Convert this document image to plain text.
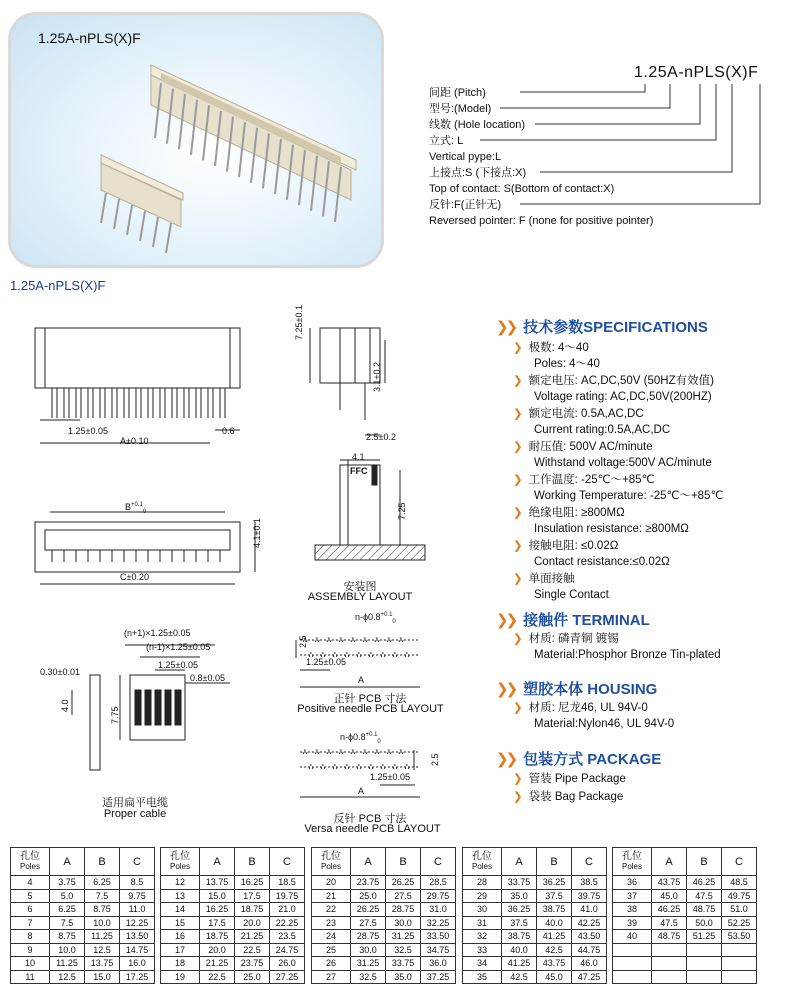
1.25A-nPLS(X)F
1.25A-nPLS(X)F
间距 (Pitch)
型号:(Model)
线数 (Hole location)
立式: L
Vertical pype:L
上接点:S (下接点:X)
Top of contact: S(Bottom of contact:X)
反针:F(正针无)
Reversed pointer: F (none for positive pointer)
1.25A-nPLS(X)F
1.25±0.05
A±0.10
0.6
7.25±0.1
3.1±0.2
2.5±0.2
4.1
FFC
7.25
安装图
ASSEMBLY LAYOUT
$B^{+0.1}_0$
C±0.20
4.1±0.1
(n+1)×1.25±0.05
(n-1)×1.25±0.05
1.25±0.05
0.8±0.05
0.30±0.01
4.0
7.75
适用扁平电缆
Proper cable
$n-\phi 0.8^{+0.1}_0$
2.5
1.25±0.05
A
正针 PCB 寸法
Positive needle PCB LAYOUT
$n-\phi 0.8^{+0.1}_0$
2.5
1.25±0.05
A
反针 PCB 寸法
Versa needle PCB LAYOUT
❯❯ 技术参数SPECIFICATIONS
❯ 极数: 4～40
Poles: 4～40
❯ 额定电压: AC,DC,50V (50HZ有效值)
Voltage rating: AC,DC,50V(200HZ)
❯ 额定电流: 0.5A,AC,DC
Current rating:0.5A,AC,DC
❯ 耐压值: 500V AC/minute
Withstand voltage:500V AC/minute
❯ 工作温度: -25℃～+85℃
Working Temperature: -25℃～+85℃
❯ 绝缘电阻: ≥800MΩ
Insulation resistance: ≥800MΩ
❯ 接触电阻: ≤0.02Ω
Contact resistance:≤0.02Ω
❯ 单面接触
Single Contact
❯❯ 接触件 TERMINAL
❯ 材质: 磷青铜 镀锡
Material:Phosphor Bronze Tin-plated
❯❯ 塑胶本体 HOUSING
❯ 材质: 尼龙46, UL 94V-0
Material:Nylon46, UL 94V-0
❯❯ 包装方式 PACKAGE
❯ 管装 Pipe Package
❯ 袋装 Bag Package
孔位
Poles	A	B	C
4	3.75	6.25	8.5
5	5.0	7.5	9.75
6	6.25	8.75	11.0
7	7.5	10.0	12.25
8	8.75	11.25	13.50
9	10.0	12.5	14.75
10	11.25	13.75	16.0
11	12.5	15.0	17.25
孔位
Poles	A	B	C
12	13.75	16.25	18.5
13	15.0	17.5	19.75
14	16.25	18.75	21.0
15	17.5	20.0	22.25
16	18.75	21.25	23.5
17	20.0	22.5	24.75
18	21.25	23.75	26.0
19	22.5	25.0	27.25
孔位
Poles	A	B	C
20	23.75	26.25	28.5
21	25.0	27.5	29.75
22	26.25	28.75	31.0
23	27.5	30.0	32.25
24	28.75	31.25	33.50
25	30.0	32.5	34.75
26	31.25	33.75	36.0
27	32.5	35.0	37.25
孔位
Poles	A	B	C
28	33.75	36.25	38.5
29	35.0	37.5	39.75
30	36.25	38.75	41.0
31	37.5	40.0	42.25
32	38.75	41.25	43.50
33	40.0	42.5	44.75
34	41.25	43.75	46.0
35	42.5	45.0	47.25
孔位
Poles	A	B	C
36	43.75	46.25	48.5
37	45.0	47.5	49.75
38	46.25	48.75	51.0
39	47.5	50.0	52.25
40	48.75	51.25	53.50
